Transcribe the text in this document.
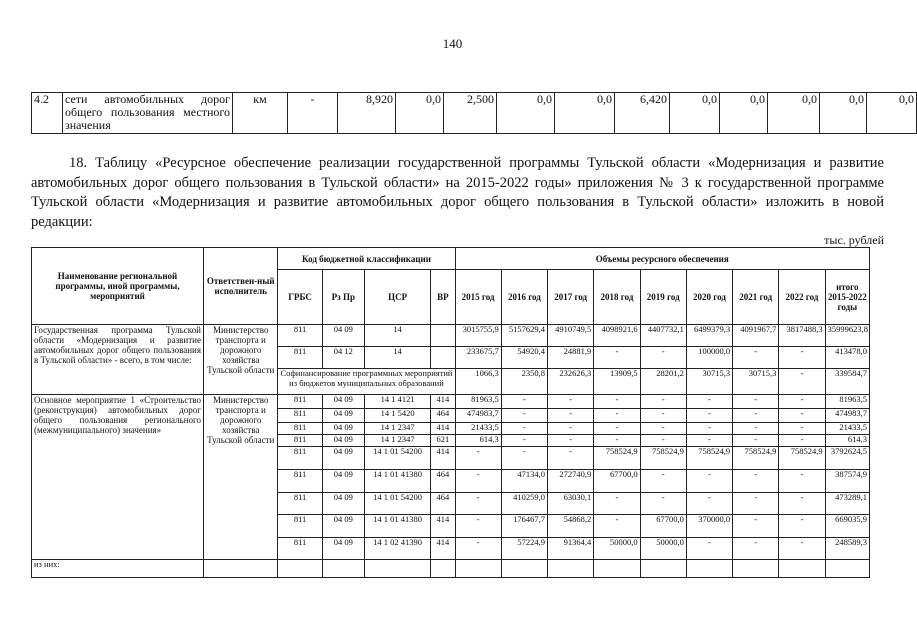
140
4.2	сети автомобильных дорог общего пользования местного значения	км	-	8,920	0,0	2,500	0,0	0,0	6,420	0,0	0,0	0,0	0,0	0,0
18. Таблицу «Ресурсное обеспечение реализации государственной программы Тульской области «Модернизация и развитие автомобильных дорог общего пользования в Тульской области» на 2015-2022 годы» приложения № 3 к государственной программе Тульской области «Модернизация и развитие автомобильных дорог общего пользования в Тульской области» изложить в новой редакции:
тыс. рублей
Наименование региональной программы, иной программы, мероприятий	Ответствен-ный исполнитель	Код бюджетной классификации				Объемы ресурсного обеспечения								
		ГРБС	Рз Пр	ЦСР	ВР	2015 год	2016 год	2017 год	2018 год	2019 год	2020 год	2021 год	2022 год	итого 2015-2022 годы
Государственная программа Тульской области «Модернизация и развитие автомобильных дорог общего пользования в Тульской области» - всего, в том числе:	Министерство транспорта и дорожного хозяйства Тульской области	811	04 09	14		3015755,9	5157629,4	4910749,5	4098921,6	4407732,1	6499379,3	4091967,7	3817488,3	35999623,8
		811	04 12	14		233675,7	54920,4	24881,9	-	-	100000,0	-	-	413478,0
		Софинансирование программных мероприятий из бюджетов муниципальных образований				1066,3	2350,8	232626,3	13909,5	28201,2	30715,3	30715,3	-	339584,7
Основное мероприятие 1 «Строительство (реконструкция) автомобильных дорог общего пользования регионального (межмуниципального) значения»	Министерство транспорта и дорожного хозяйства Тульской области	811	04 09	14 1 4121	414	81963,5	-	-	-	-	-	-	-	81963,5
		811	04 09	14 1 5420	464	474983,7	-	-	-	-	-	-	-	474983,7
		811	04 09	14 1 2347	414	21433,5	-	-	-	-	-	-	-	21433,5
		811	04 09	14 1 2347	621	614,3	-	-	-	-	-	-	-	614,3
		811	04 09	14 1 01 54200	414	-	-	-	758524,9	758524,9	758524,9	758524,9	758524,9	3792624,5
		811	04 09	14 1 01 41380	464	-	47134,0	272740,9	67700,0	-	-	-	-	387574,9
		811	04 09	14 1 01 54200	464	-	410259,0	63030,1	-	-	-	-	-	473289,1
		811	04 09	14 1 01 41380	414	-	176467,7	54868,2	-	67700,0	370000,0	-	-	669035,9
		811	04 09	14 1 02 41390	414	-	57224,9	91364,4	50000,0	50000,0	-	-	-	248589,3
из них:														
